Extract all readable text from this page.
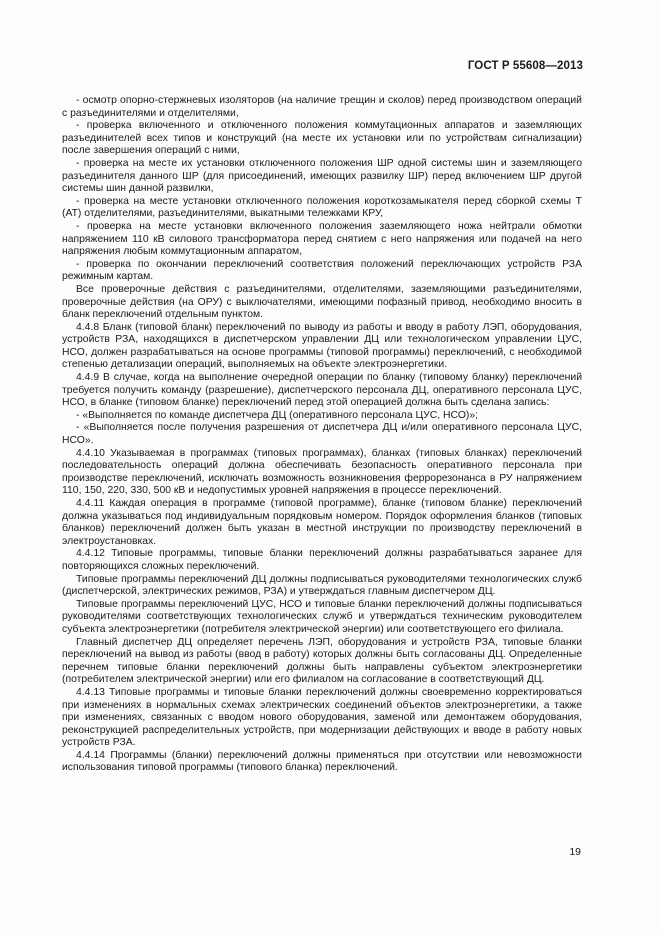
ГОСТ Р 55608—2013

- осмотр опорно-стержневых изоляторов (на наличие трещин и сколов) перед производством операций с разъединителями и отделителями,

- проверка включенного и отключенного положения коммутационных аппаратов и заземляющих разъединителей всех типов и конструкций (на месте их установки или по устройствам сигнализации) после завершения операций с ними,

- проверка на месте их установки отключенного положения ШР одной системы шин и заземляющего разъединителя данного ШР (для присоединений, имеющих развилку ШР) перед включением ШР другой системы шин данной развилки,

- проверка на месте установки отключенного положения короткозамыкателя перед сборкой схемы Т (АТ) отделителями, разъединителями, выкатными тележками КРУ,

- проверка на месте установки включенного положения заземляющего ножа нейтрали обмотки напряжением 110 кВ силового трансформатора перед снятием с него напряжения или подачей на него напряжения любым коммутационным аппаратом,

- проверка по окончании переключений соответствия положений переключающих устройств РЗА режимным картам.

Все проверочные действия с разъединителями, отделителями, заземляющими разъединителями, проверочные действия (на ОРУ) с выключателями, имеющими пофазный привод, необходимо вносить в бланк переключений отдельным пунктом.

4.4.8 Бланк (типовой бланк) переключений по выводу из работы и вводу в работу ЛЭП, оборудования, устройств РЗА, находящихся в диспетчерском управлении ДЦ или технологическом управлении ЦУС, НСО, должен разрабатываться на основе программы (типовой программы) переключений, с необходимой степенью детализации операций, выполняемых на объекте электроэнергетики.

4.4.9 В случае, когда на выполнение очередной операции по бланку (типовому бланку) переключений требуется получить команду (разрешение), диспетчерского персонала ДЦ, оперативного персонала ЦУС, НСО, в бланке (типовом бланке) переключений перед этой операцией должна быть сделана запись:

- «Выполняется по команде диспетчера ДЦ (оперативного персонала ЦУС, НСО)»;

- «Выполняется после получения разрешения от диспетчера ДЦ и/или оперативного персонала ЦУС, НСО».

4.4.10 Указываемая в программах (типовых программах), бланках (типовых бланках) переключений последовательность операций должна обеспечивать безопасность оперативного персонала при производстве переключений, исключать возможность возникновения феррорезонанса в РУ напряжением 110, 150, 220, 330, 500 кВ и недопустимых уровней напряжения в процессе переключений.

4.4.11 Каждая операция в программе (типовой программе), бланке (типовом бланке) переключений должна указываться под индивидуальным порядковым номером. Порядок оформления бланков (типовых бланков) переключений должен быть указан в местной инструкции по производству переключений в электроустановках.

4.4.12 Типовые программы, типовые бланки переключений должны разрабатываться заранее для повторяющихся сложных переключений.

Типовые программы переключений ДЦ должны подписываться руководителями технологических служб (диспетчерской, электрических режимов, РЗА) и утверждаться главным диспетчером ДЦ.

Типовые программы переключений ЦУС, НСО и типовые бланки переключений должны подписываться руководителями соответствующих технологических служб и утверждаться техническим руководителем субъекта электроэнергетики (потребителя электрической энергии) или соответствующего его филиала.

Главный диспетчер ДЦ определяет перечень ЛЭП, оборудования и устройств РЗА, типовые бланки переключений на вывод из работы (ввод в работу) которых должны быть согласованы ДЦ. Определенные перечнем типовые бланки переключений должны быть направлены субъектом электроэнергетики (потребителем электрической энергии) или его филиалом на согласование в соответствующий ДЦ.

4.4.13 Типовые программы и типовые бланки переключений должны своевременно корректироваться при изменениях в нормальных схемах электрических соединений объектов электроэнергетики, а также при изменениях, связанных с вводом нового оборудования, заменой или демонтажем оборудования, реконструкцией распределительных устройств, при модернизации действующих и вводе в работу новых устройств РЗА.

4.4.14 Программы (бланки) переключений должны применяться при отсутствии или невозможности использования типовой программы (типового бланка) переключений.

19
